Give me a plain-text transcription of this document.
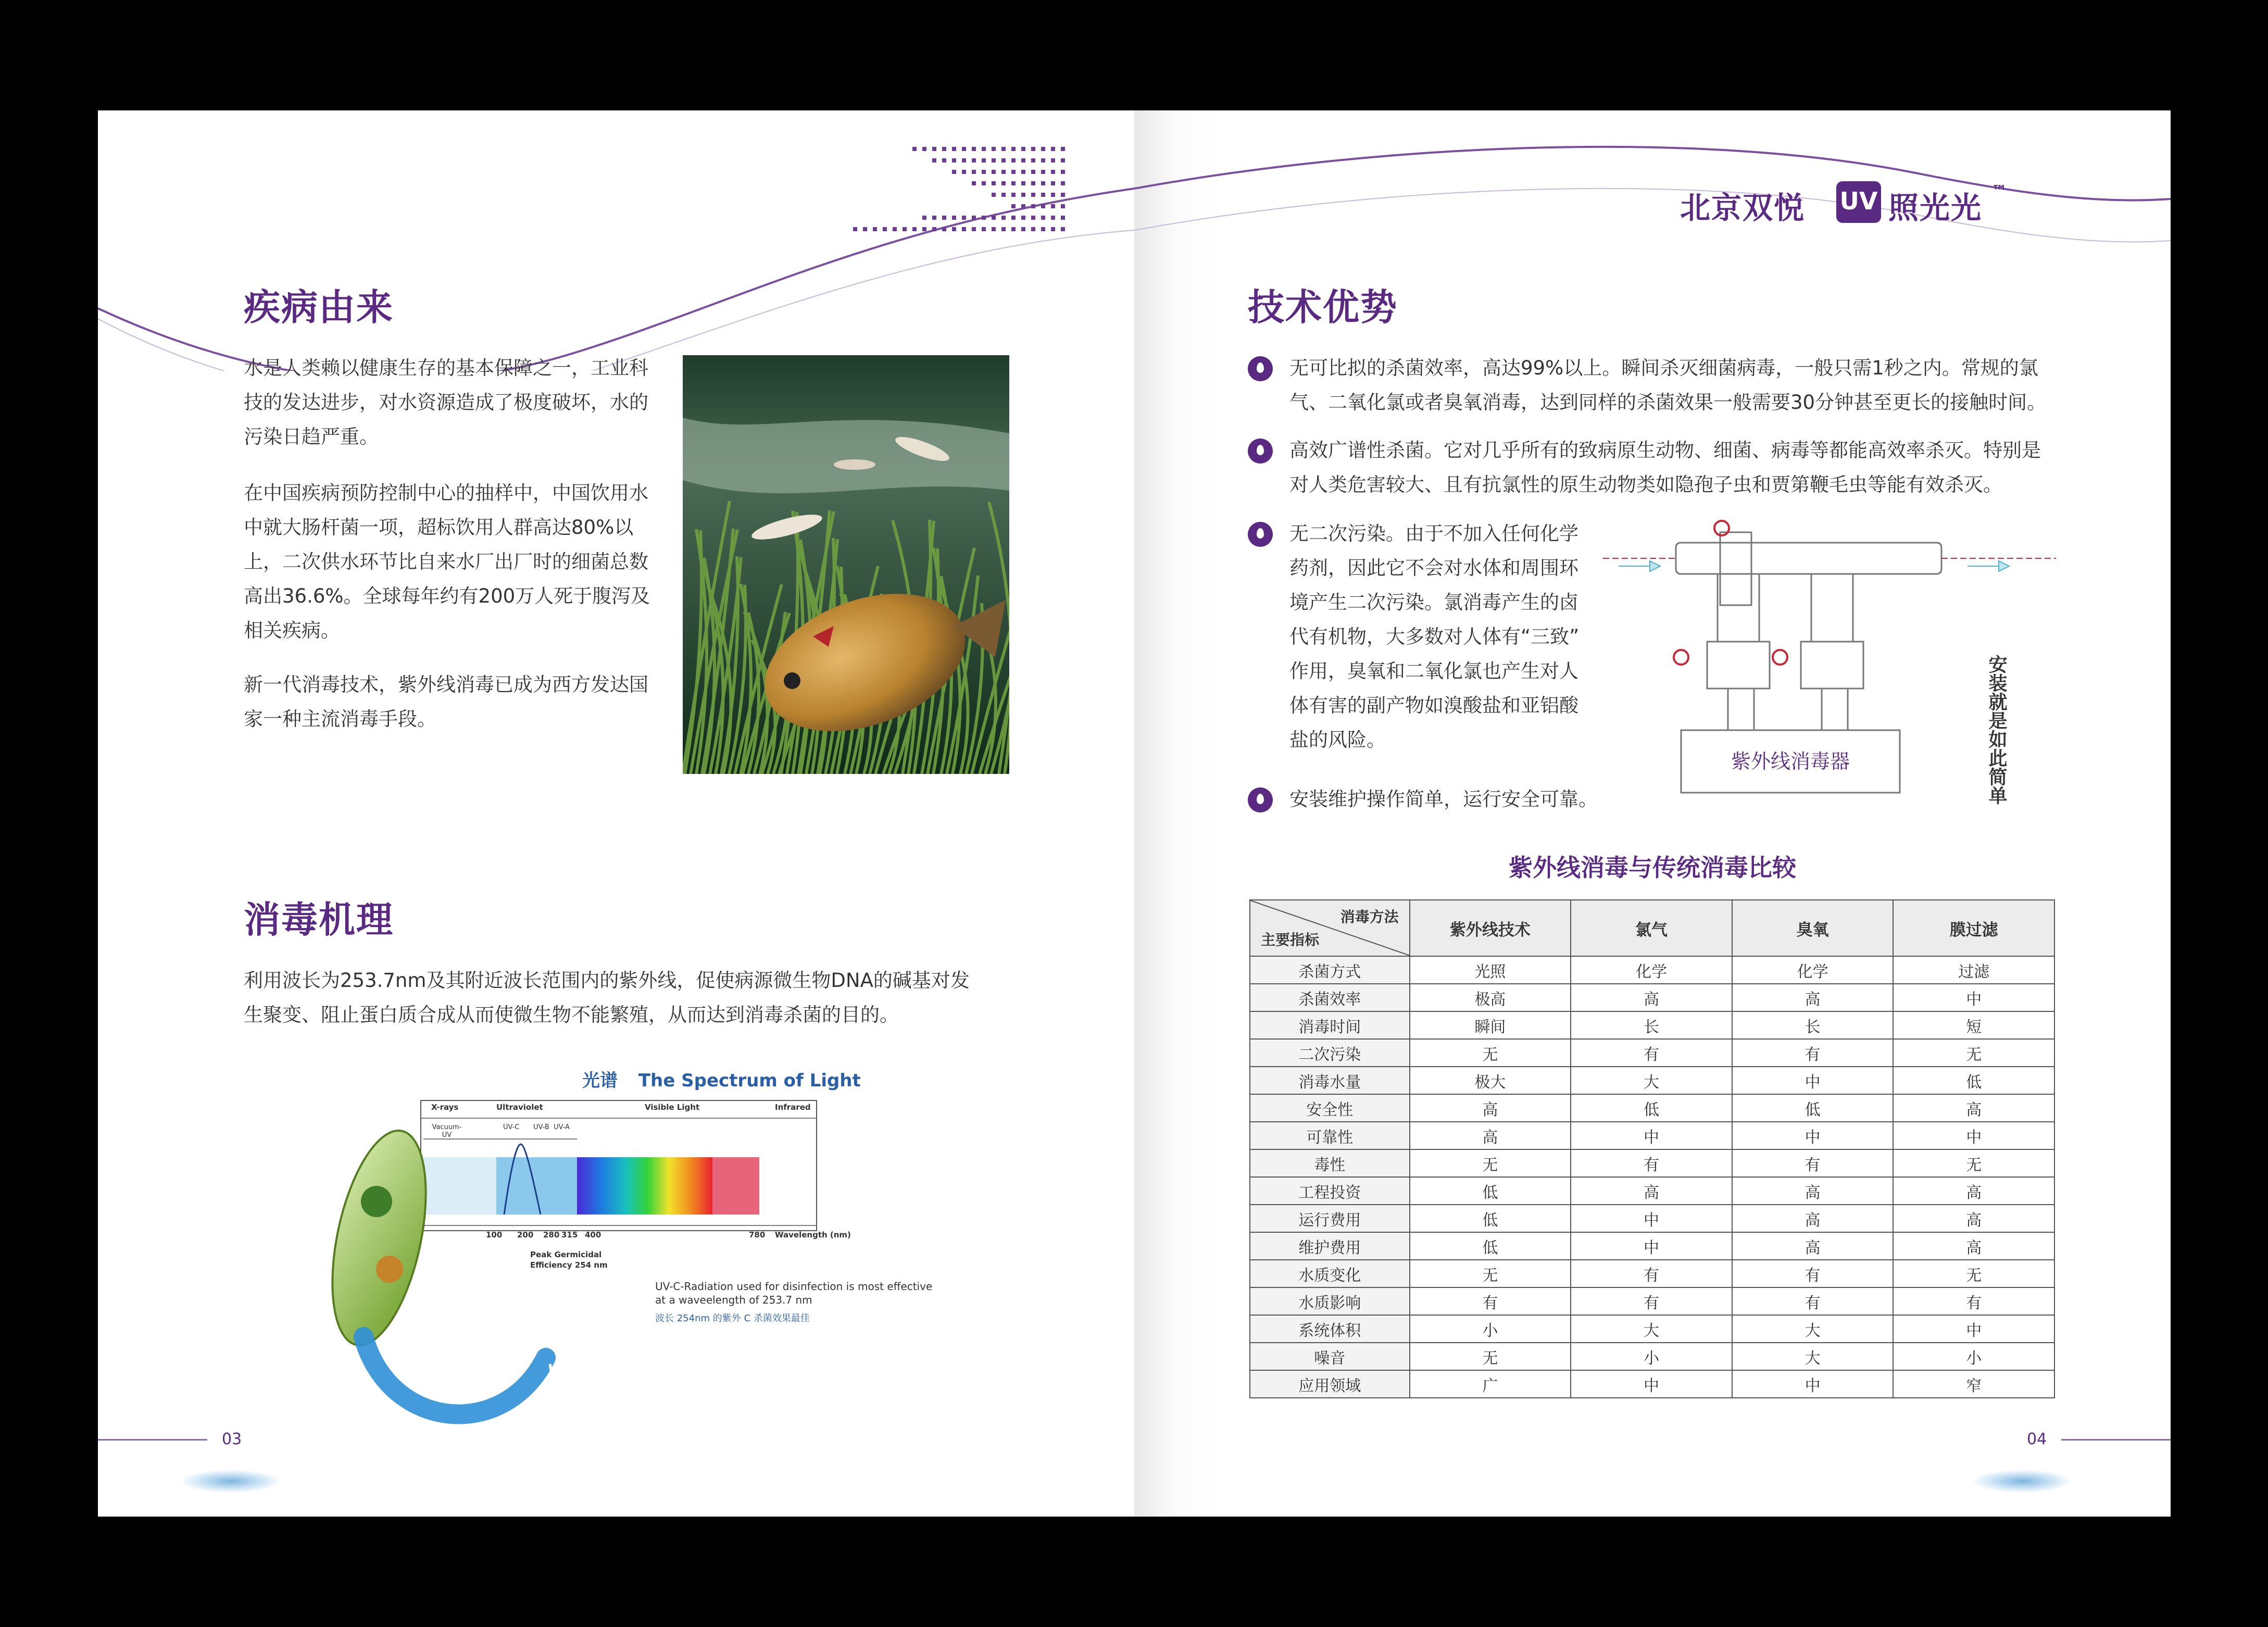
疾病由来
水是人类赖以健康生存的基本保障之一，工业科
技的发达进步，对水资源造成了极度破坏，水的
污染日趋严重。
在中国疾病预防控制中心的抽样中，中国饮用水
中就大肠杆菌一项，超标饮用人群高达80%以
上，二次供水环节比自来水厂出厂时的细菌总数
高出36.6%。全球每年约有200万人死于腹泻及
相关疾病。
新一代消毒技术，紫外线消毒已成为西方发达国
家一种主流消毒手段。
消毒机理
利用波长为253.7nm及其附近波长范围内的紫外线，促使病源微生物DNA的碱基对发
生聚变、阻止蛋白质合成从而使微生物不能繁殖，从而达到消毒杀菌的目的。
光谱 The Spectrum of Light
X-rays	Ultraviolet	Visible Light	Infrared
Vacuum-UV
UV-C UV-B UV-A
100 200 280 315 400	780 Wavelength (nm)
Peak Germicidal
Efficiency 254 nm
UV-C-Radiation used for disinfection is most effective
at a waveelength of 253.7 nm
波长 254nm 的紫外 C 杀菌效果最佳
UV-C Light
03
北京双悦 UV 照光光 ™
技术优势
无可比拟的杀菌效率，高达99%以上。瞬间杀灭细菌病毒，一般只需1秒之内。常规的氯
气、二氧化氯或者臭氧消毒，达到同样的杀菌效果一般需要30分钟甚至更长的接触时间。
高效广谱性杀菌。它对几乎所有的致病原生动物、细菌、病毒等都能高效率杀灭。特别是
对人类危害较大、且有抗氯性的原生动物类如隐孢子虫和贾第鞭毛虫等能有效杀灭。
无二次污染。由于不加入任何化学
药剂，因此它不会对水体和周围环
境产生二次污染。氯消毒产生的卤
代有机物，大多数对人体有“三致”
作用，臭氧和二氧化氯也产生对人
体有害的副产物如溴酸盐和亚铝酸
盐的风险。
安装维护操作简单，运行安全可靠。
紫外线消毒器	安装就是如此简单
紫外线消毒与传统消毒比较
消毒方法
主要指标	紫外线技术	氯气	臭氧	膜过滤
杀菌方式	光照	化学	化学	过滤
杀菌效率	极高	高	高	中
消毒时间	瞬间	长	长	短
二次污染	无	有	有	无
消毒水量	极大	大	中	低
安全性	高	低	低	高
可靠性	高	中	中	中
毒性	无	有	有	无
工程投资	低	高	高	高
运行费用	低	中	高	高
维护费用	低	中	高	高
水质变化	无	有	有	无
水质影响	有	有	有	有
系统体积	小	大	大	中
噪音	无	小	大	小
应用领域	广	中	中	窄
04
